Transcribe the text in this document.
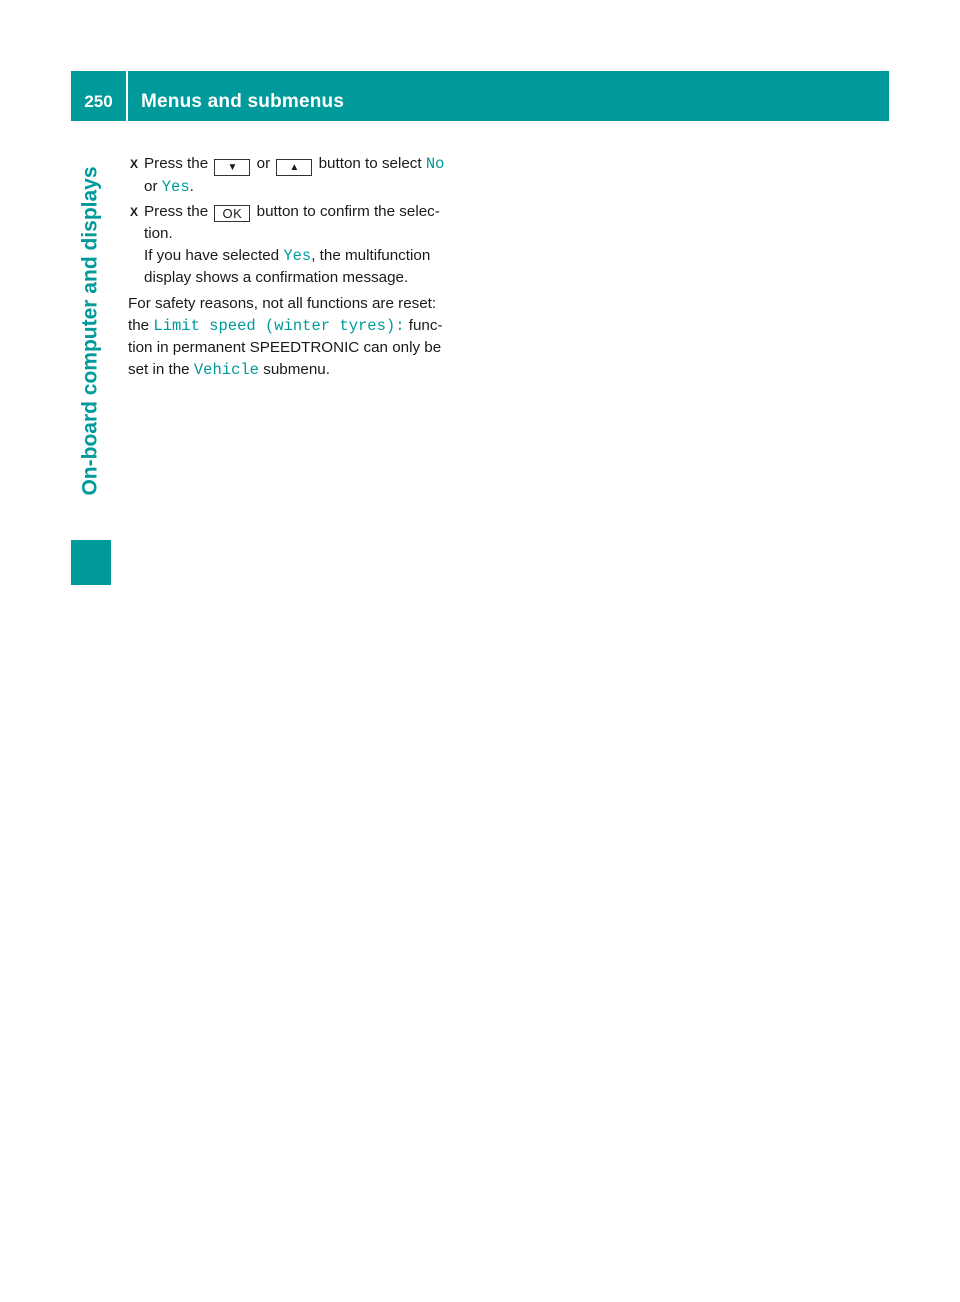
250	Menus and submenus
On-board computer and displays
X Press the ▼ or ▲ button to select No
or Yes.
X Press the OK button to confirm the selec-
tion.
If you have selected Yes, the multifunction
display shows a confirmation message.
For safety reasons, not all functions are reset:
the Limit speed (winter tyres): func-
tion in permanent SPEEDTRONIC can only be
set in the Vehicle submenu.
